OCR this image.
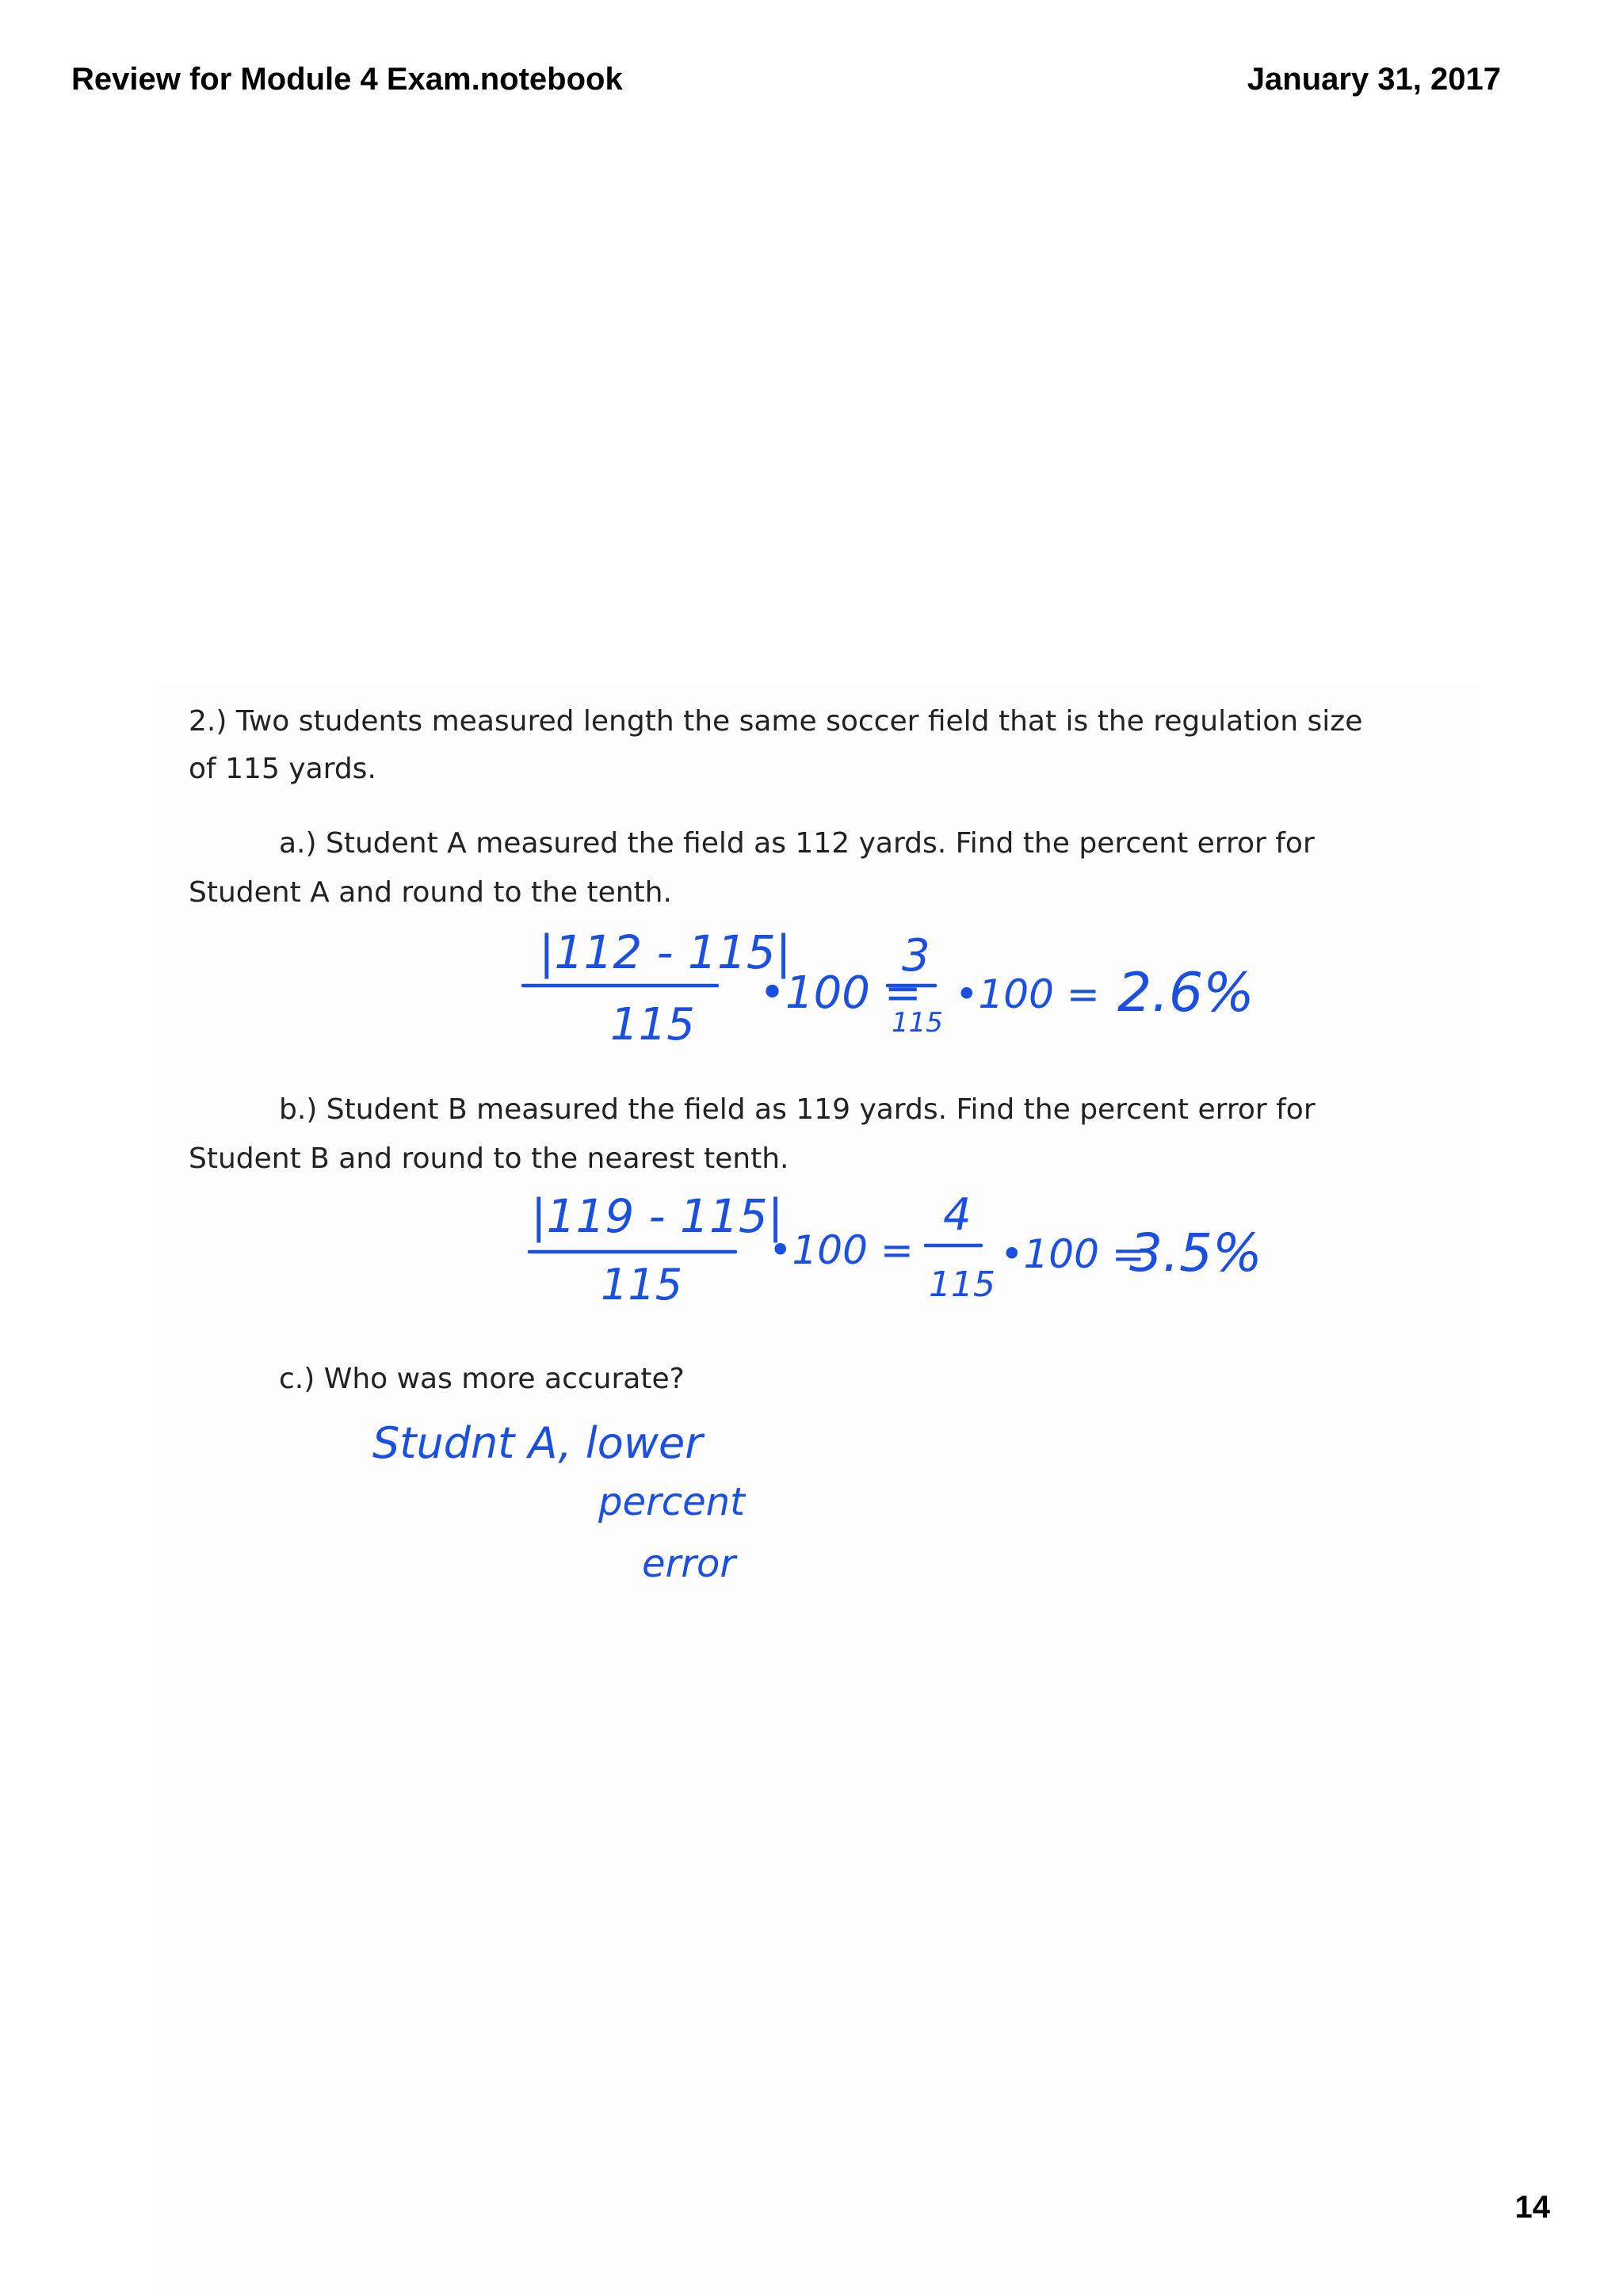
Review for Module 4 Exam.notebook	January 31, 2017
2.) Two students measured length the same soccer field that is the regulation size
of 115 yards.
a.) Student A measured the field as 112 yards. Find the percent error for
Student A and round to the tenth.
b.) Student B measured the field as 119 yards. Find the percent error for
Student B and round to the nearest tenth.
c.) Who was more accurate?
|112 - 115|
115
•100 =
3
115
•100 = 2.6%
|119 - 115|
115
•100 =
4
115
•100 =
3.5%
Studnt A, lower
percent
error
14
